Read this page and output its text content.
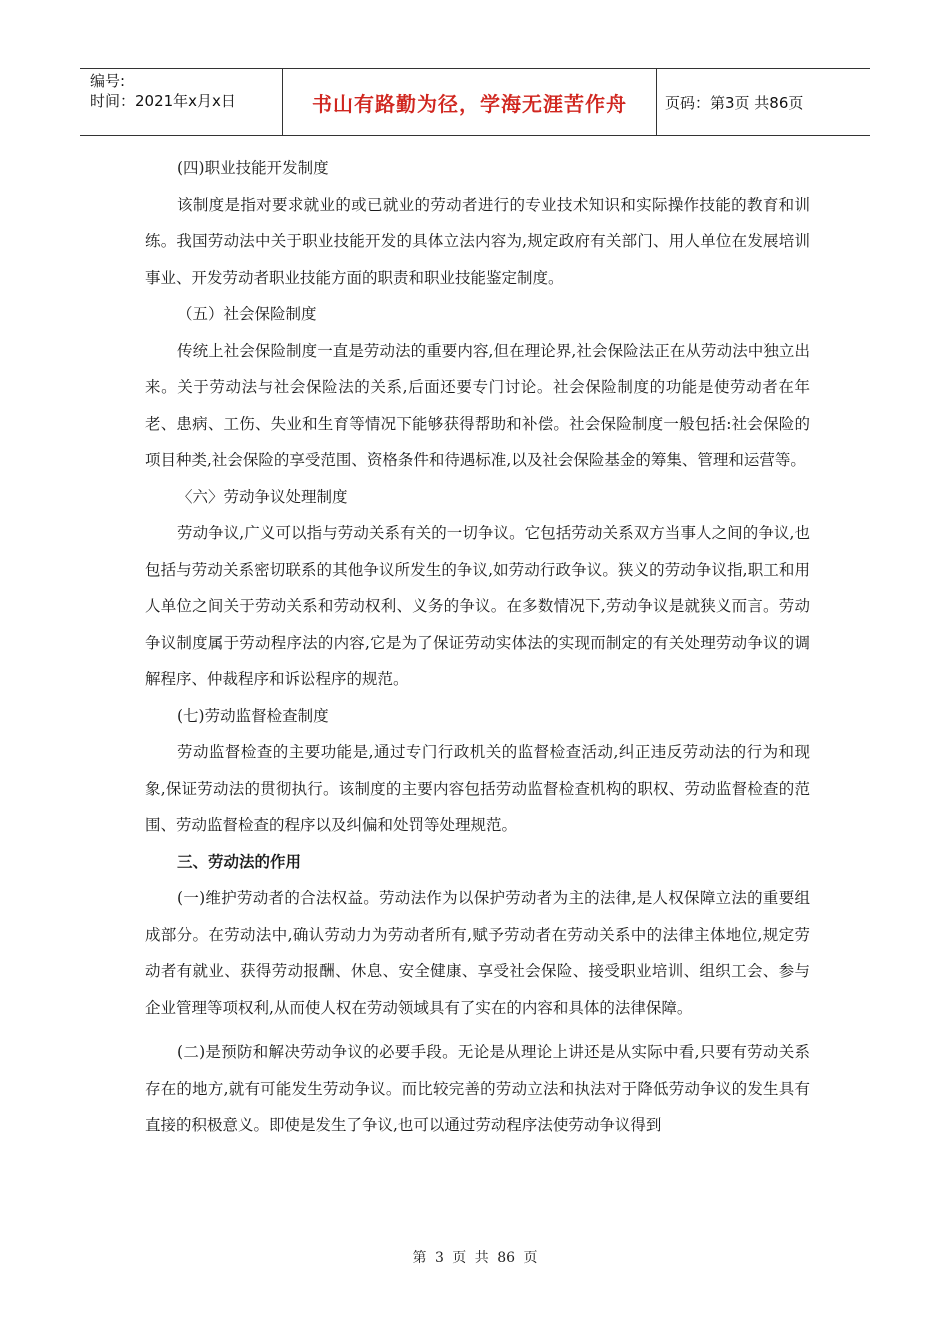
编号:
时间：2021年x月x日	书山有路勤为径，学海无涯苦作舟	页码：第3页 共86页
(四)职业技能开发制度

该制度是指对要求就业的或已就业的劳动者进行的专业技术知识和实际操作技能的教育和训练。我国劳动法中关于职业技能开发的具体立法内容为,规定政府有关部门、用人单位在发展培训事业、开发劳动者职业技能方面的职责和职业技能鉴定制度。

（五）社会保险制度

传统上社会保险制度一直是劳动法的重要内容,但在理论界,社会保险法正在从劳动法中独立出来。关于劳动法与社会保险法的关系,后面还要专门讨论。社会保险制度的功能是使劳动者在年老、患病、工伤、失业和生育等情况下能够获得帮助和补偿。社会保险制度一般包括:社会保险的项目种类,社会保险的享受范围、资格条件和待遇标准,以及社会保险基金的筹集、管理和运营等。

〈六〉劳动争议处理制度

劳动争议,广义可以指与劳动关系有关的一切争议。它包括劳动关系双方当事人之间的争议,也包括与劳动关系密切联系的其他争议所发生的争议,如劳动行政争议。狭义的劳动争议指,职工和用人单位之间关于劳动关系和劳动权利、义务的争议。在多数情况下,劳动争议是就狭义而言。劳动争议制度属于劳动程序法的内容,它是为了保证劳动实体法的实现而制定的有关处理劳动争议的调解程序、仲裁程序和诉讼程序的规范。

(七)劳动监督检查制度

劳动监督检查的主要功能是,通过专门行政机关的监督检查活动,纠正违反劳动法的行为和现象,保证劳动法的贯彻执行。该制度的主要内容包括劳动监督检查机构的职权、劳动监督检查的范围、劳动监督检查的程序以及纠偏和处罚等处理规范。

三、劳动法的作用

(一)维护劳动者的合法权益。劳动法作为以保护劳动者为主的法律,是人权保障立法的重要组成部分。在劳动法中,确认劳动力为劳动者所有,赋予劳动者在劳动关系中的法律主体地位,规定劳动者有就业、获得劳动报酬、休息、安全健康、享受社会保险、接受职业培训、组织工会、参与企业管理等项权利,从而使人权在劳动领域具有了实在的内容和具体的法律保障。

(二)是预防和解决劳动争议的必要手段。无论是从理论上讲还是从实际中看,只要有劳动关系存在的地方,就有可能发生劳动争议。而比较完善的劳动立法和执法对于降低劳动争议的发生具有直接的积极意义。即使是发生了争议,也可以通过劳动程序法使劳动争议得到

第 3 页 共 86 页
